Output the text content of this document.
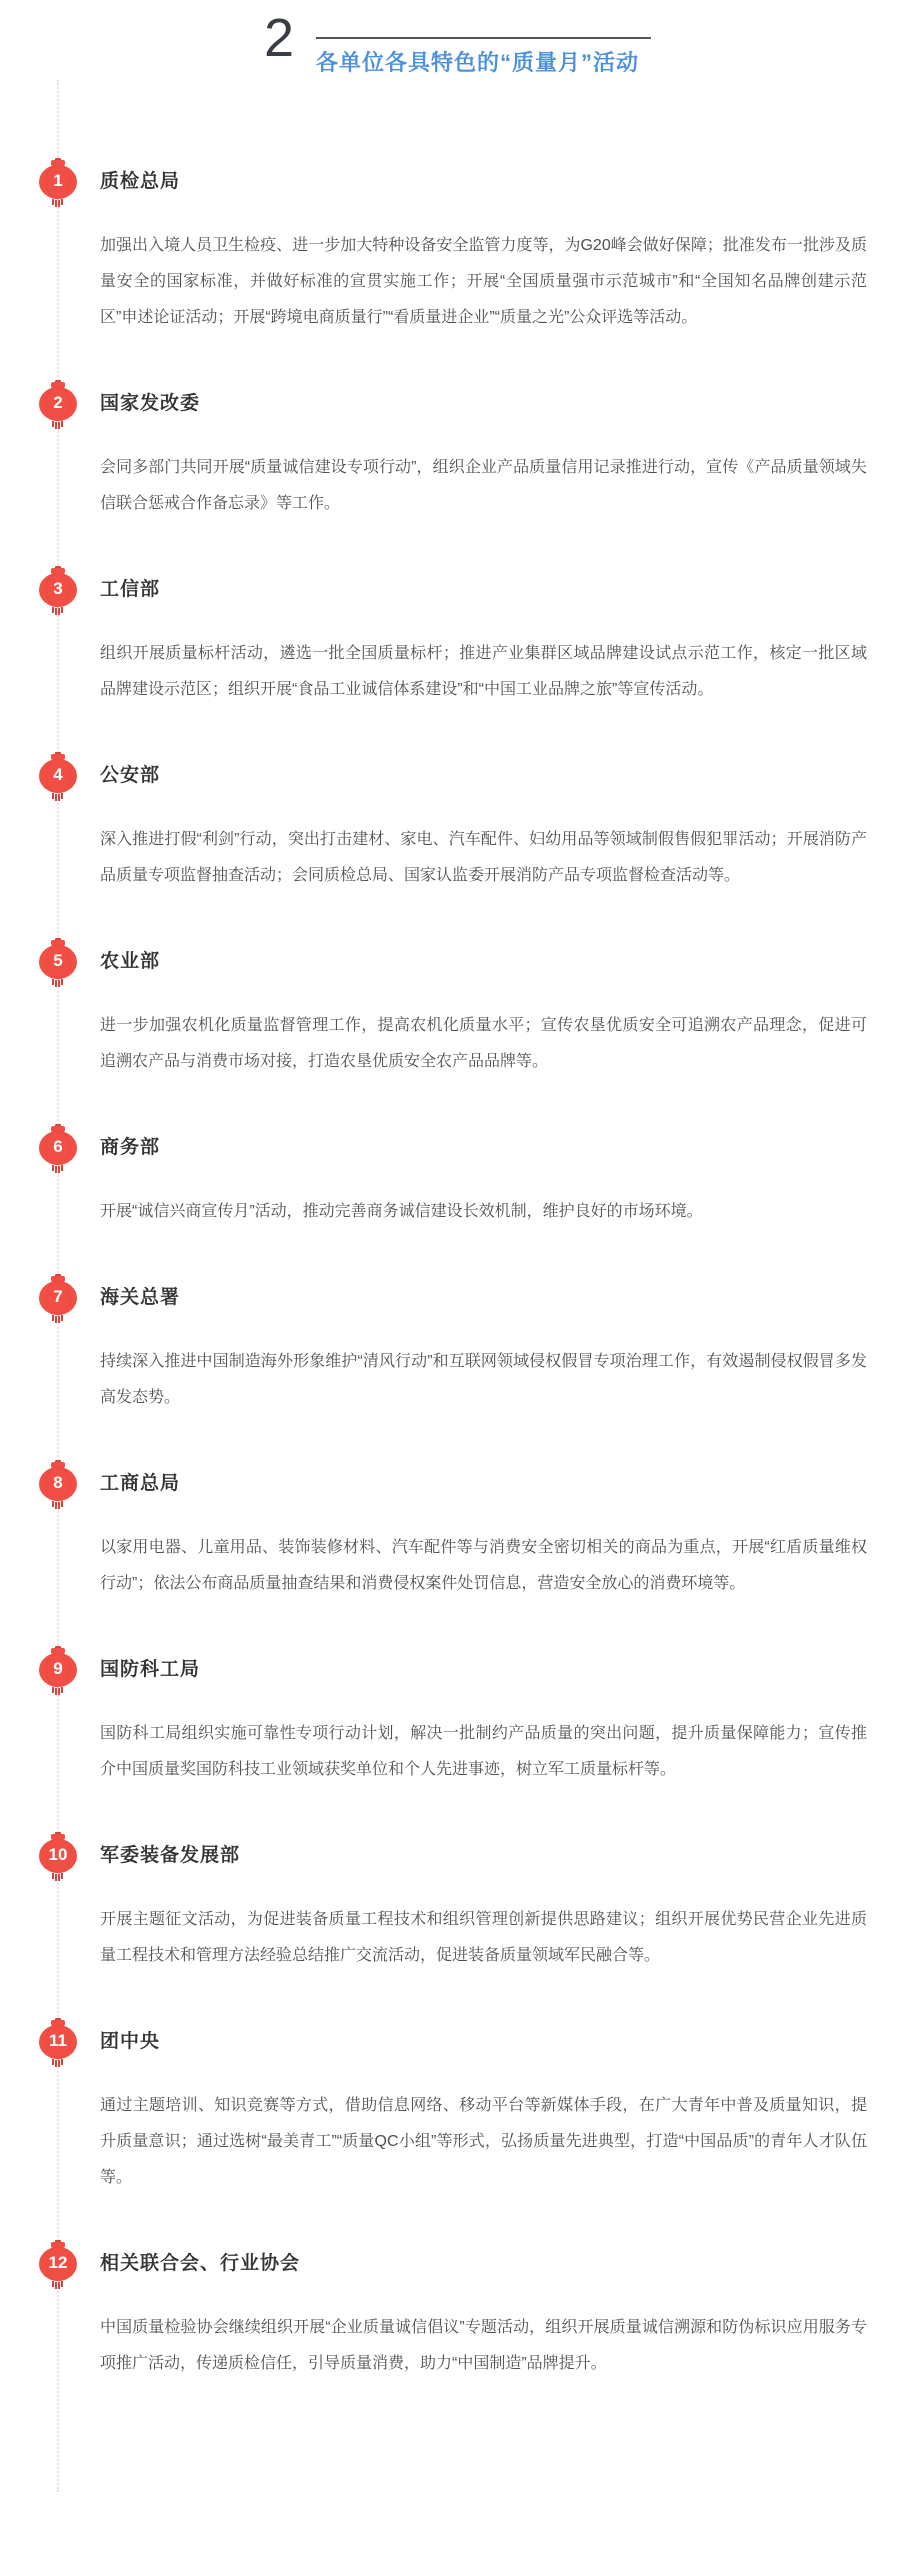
2 各单位各具特色的“质量月”活动
1	质检总局

加强出入境人员卫生检疫、进一步加大特种设备安全监管力度等，为G20峰会做好保障；批准发布一批涉及质量安全的国家标准，并做好标准的宣贯实施工作；开展“全国质量强市示范城市”和“全国知名品牌创建示范区”申述论证活动；开展“跨境电商质量行”“看质量进企业”“质量之光”公众评选等活动。

2	国家发改委

会同多部门共同开展“质量诚信建设专项行动”，组织企业产品质量信用记录推进行动，宣传《产品质量领域失信联合惩戒合作备忘录》等工作。

3	工信部

组织开展质量标杆活动，遴选一批全国质量标杆；推进产业集群区域品牌建设试点示范工作，核定一批区域品牌建设示范区；组织开展“食品工业诚信体系建设”和“中国工业品牌之旅”等宣传活动。

4	公安部

深入推进打假“利剑”行动，突出打击建材、家电、汽车配件、妇幼用品等领域制假售假犯罪活动；开展消防产品质量专项监督抽查活动；会同质检总局、国家认监委开展消防产品专项监督检查活动等。

5	农业部

进一步加强农机化质量监督管理工作，提高农机化质量水平；宣传农垦优质安全可追溯农产品理念，促进可追溯农产品与消费市场对接，打造农垦优质安全农产品品牌等。

6	商务部

开展“诚信兴商宣传月”活动，推动完善商务诚信建设长效机制，维护良好的市场环境。

7	海关总署

持续深入推进中国制造海外形象维护“清风行动”和互联网领域侵权假冒专项治理工作，有效遏制侵权假冒多发高发态势。

8	工商总局

以家用电器、儿童用品、装饰装修材料、汽车配件等与消费安全密切相关的商品为重点，开展“红盾质量维权行动”；依法公布商品质量抽查结果和消费侵权案件处罚信息，营造安全放心的消费环境等。

9	国防科工局

国防科工局组织实施可靠性专项行动计划，解决一批制约产品质量的突出问题，提升质量保障能力；宣传推介中国质量奖国防科技工业领域获奖单位和个人先进事迹，树立军工质量标杆等。

10	军委装备发展部

开展主题征文活动，为促进装备质量工程技术和组织管理创新提供思路建议；组织开展优势民营企业先进质量工程技术和管理方法经验总结推广交流活动，促进装备质量领域军民融合等。

11	团中央

通过主题培训、知识竞赛等方式，借助信息网络、移动平台等新媒体手段，在广大青年中普及质量知识，提升质量意识；通过选树“最美青工”“质量QC小组”等形式，弘扬质量先进典型，打造“中国品质”的青年人才队伍等。

12	相关联合会、行业协会

中国质量检验协会继续组织开展“企业质量诚信倡议”专题活动，组织开展质量诚信溯源和防伪标识应用服务专项推广活动，传递质检信任，引导质量消费，助力“中国制造”品牌提升。
